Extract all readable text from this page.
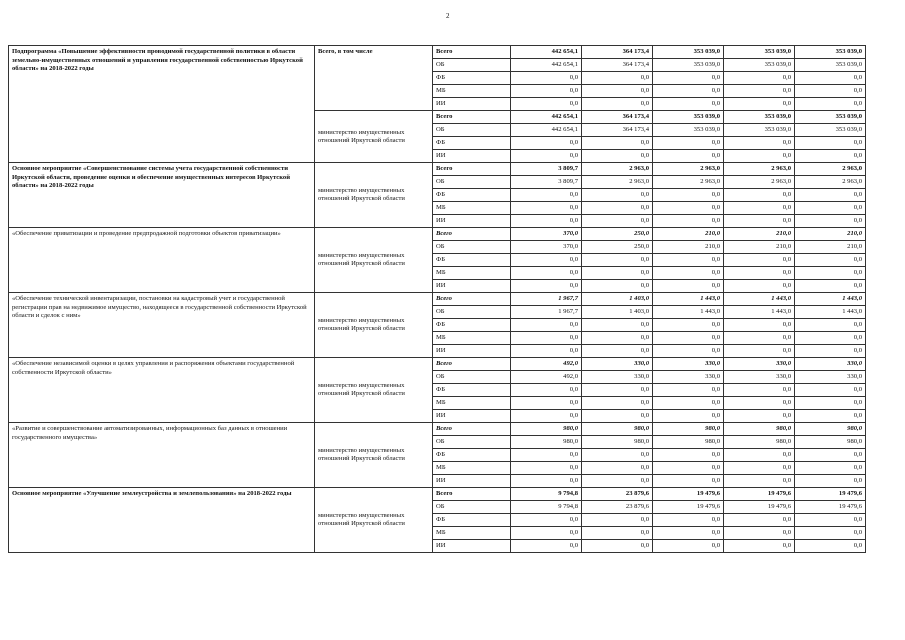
2
Подпрограмма «Повышение эффективности проводимой государственной политики в области земельно-имущественных отношений и управления государственной собственностью Иркутской области» на 2018-2022 годы	Всего, в том числе	Всего	442 654,1	364 173,4	353 039,0	353 039,0	353 039,0
		ОБ	442 654,1	364 173,4	353 039,0	353 039,0	353 039,0
		ФБ	0,0	0,0	0,0	0,0	0,0
		МБ	0,0	0,0	0,0	0,0	0,0
		ИИ	0,0	0,0	0,0	0,0	0,0
	министерство имущественных отношений Иркутской области	Всего	442 654,1	364 173,4	353 039,0	353 039,0	353 039,0
		ОБ	442 654,1	364 173,4	353 039,0	353 039,0	353 039,0
		ФБ	0,0	0,0	0,0	0,0	0,0
		ИИ	0,0	0,0	0,0	0,0	0,0
Основное мероприятие «Совершенствование системы учета государственной собственности Иркутской области, проведение оценки и обеспечение имущественных интересов Иркутской области» на 2018-2022 годы	министерство имущественных отношений Иркутской области	Всего	3 809,7	2 963,0	2 963,0	2 963,0	2 963,0
		ОБ	3 809,7	2 963,0	2 963,0	2 963,0	2 963,0
		ФБ	0,0	0,0	0,0	0,0	0,0
		МБ	0,0	0,0	0,0	0,0	0,0
		ИИ	0,0	0,0	0,0	0,0	0,0
«Обеспечение приватизации и проведение предпродажной подготовки объектов приватизации»	министерство имущественных отношений Иркутской области	Всего	370,0	250,0	210,0	210,0	210,0
		ОБ	370,0	250,0	210,0	210,0	210,0
		ФБ	0,0	0,0	0,0	0,0	0,0
		МБ	0,0	0,0	0,0	0,0	0,0
		ИИ	0,0	0,0	0,0	0,0	0,0
«Обеспечение технической инвентаризации, постановки на кадастровый учет и государственной регистрации прав на недвижимое имущество, находящееся в государственной собственности Иркутской области и сделок с ним»	министерство имущественных отношений Иркутской области	Всего	1 967,7	1 403,0	1 443,0	1 443,0	1 443,0
		ОБ	1 967,7	1 403,0	1 443,0	1 443,0	1 443,0
		ФБ	0,0	0,0	0,0	0,0	0,0
		МБ	0,0	0,0	0,0	0,0	0,0
		ИИ	0,0	0,0	0,0	0,0	0,0
«Обеспечение независимой оценки в целях управления и распоряжения объектами государственной собственности Иркутской области»	министерство имущественных отношений Иркутской области	Всего	492,0	330,0	330,0	330,0	330,0
		ОБ	492,0	330,0	330,0	330,0	330,0
		ФБ	0,0	0,0	0,0	0,0	0,0
		МБ	0,0	0,0	0,0	0,0	0,0
		ИИ	0,0	0,0	0,0	0,0	0,0
«Развитие и совершенствование автоматизированных, информационных баз данных в отношении государственного имущества»	министерство имущественных отношений Иркутской области	Всего	980,0	980,0	980,0	980,0	980,0
		ОБ	980,0	980,0	980,0	980,0	980,0
		ФБ	0,0	0,0	0,0	0,0	0,0
		МБ	0,0	0,0	0,0	0,0	0,0
		ИИ	0,0	0,0	0,0	0,0	0,0
Основное мероприятие «Улучшение землеустройства и землепользования» на 2018-2022 годы	министерство имущественных отношений Иркутской области	Всего	9 794,8	23 879,6	19 479,6	19 479,6	19 479,6
		ОБ	9 794,8	23 879,6	19 479,6	19 479,6	19 479,6
		ФБ	0,0	0,0	0,0	0,0	0,0
		МБ	0,0	0,0	0,0	0,0	0,0
		ИИ	0,0	0,0	0,0	0,0	0,0
